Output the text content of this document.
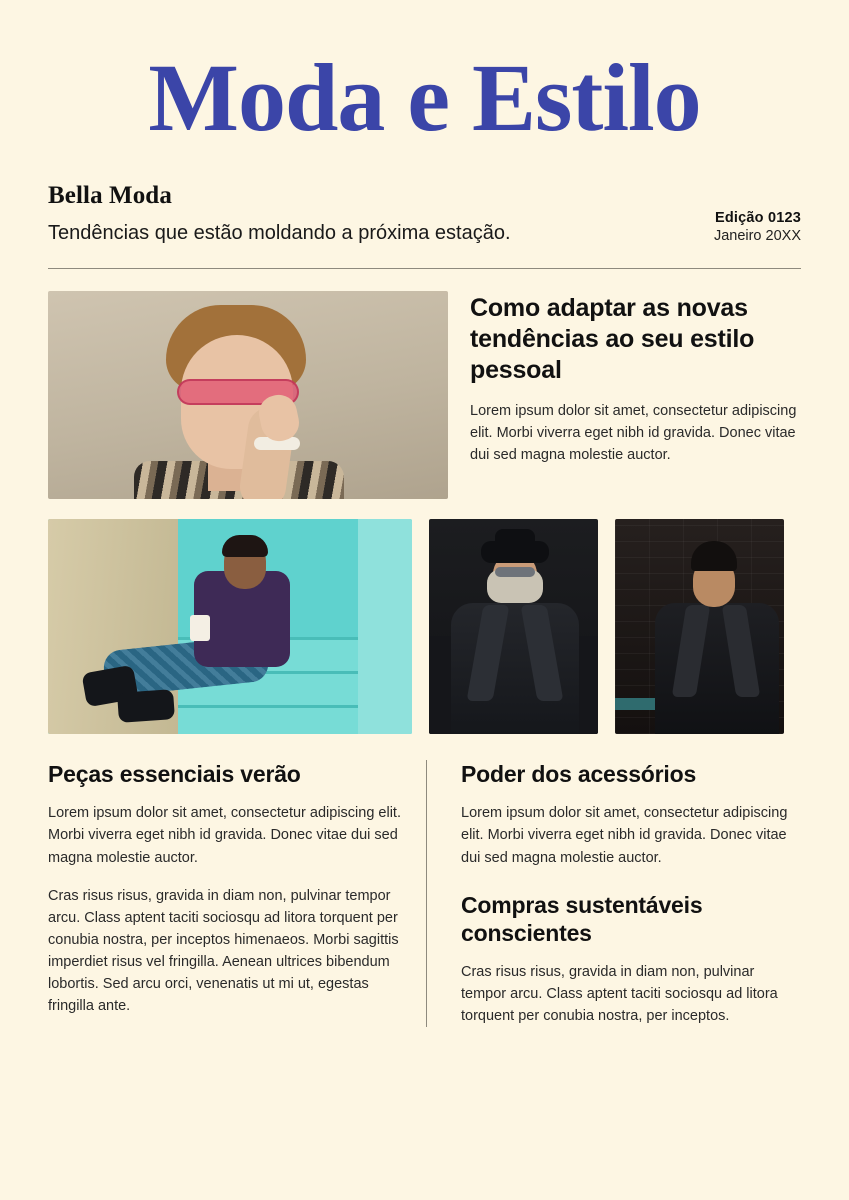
Moda e Estilo

Bella Moda

Tendências que estão moldando a próxima estação.

Edição 0123

Janeiro 20XX

Como adaptar as novas tendências ao seu estilo pessoal

Lorem ipsum dolor sit amet, consectetur adipiscing elit. Morbi viverra eget nibh id gravida. Donec vitae dui sed magna molestie auctor.

Peças essenciais verão

Lorem ipsum dolor sit amet, consectetur adipiscing elit. Morbi viverra eget nibh id gravida. Donec vitae dui sed magna molestie auctor.

Cras risus risus, gravida in diam non, pulvinar tempor arcu. Class aptent taciti sociosqu ad litora torquent per conubia nostra, per inceptos himenaeos. Morbi sagittis imperdiet risus vel fringilla. Aenean ultrices bibendum lobortis. Sed arcu orci, venenatis ut mi ut, egestas fringilla ante.

Poder dos acessórios

Lorem ipsum dolor sit amet, consectetur adipiscing elit. Morbi viverra eget nibh id gravida. Donec vitae dui sed magna molestie auctor.

Compras sustentáveis conscientes

Cras risus risus, gravida in diam non, pulvinar tempor arcu. Class aptent taciti sociosqu ad litora torquent per conubia nostra, per inceptos.
